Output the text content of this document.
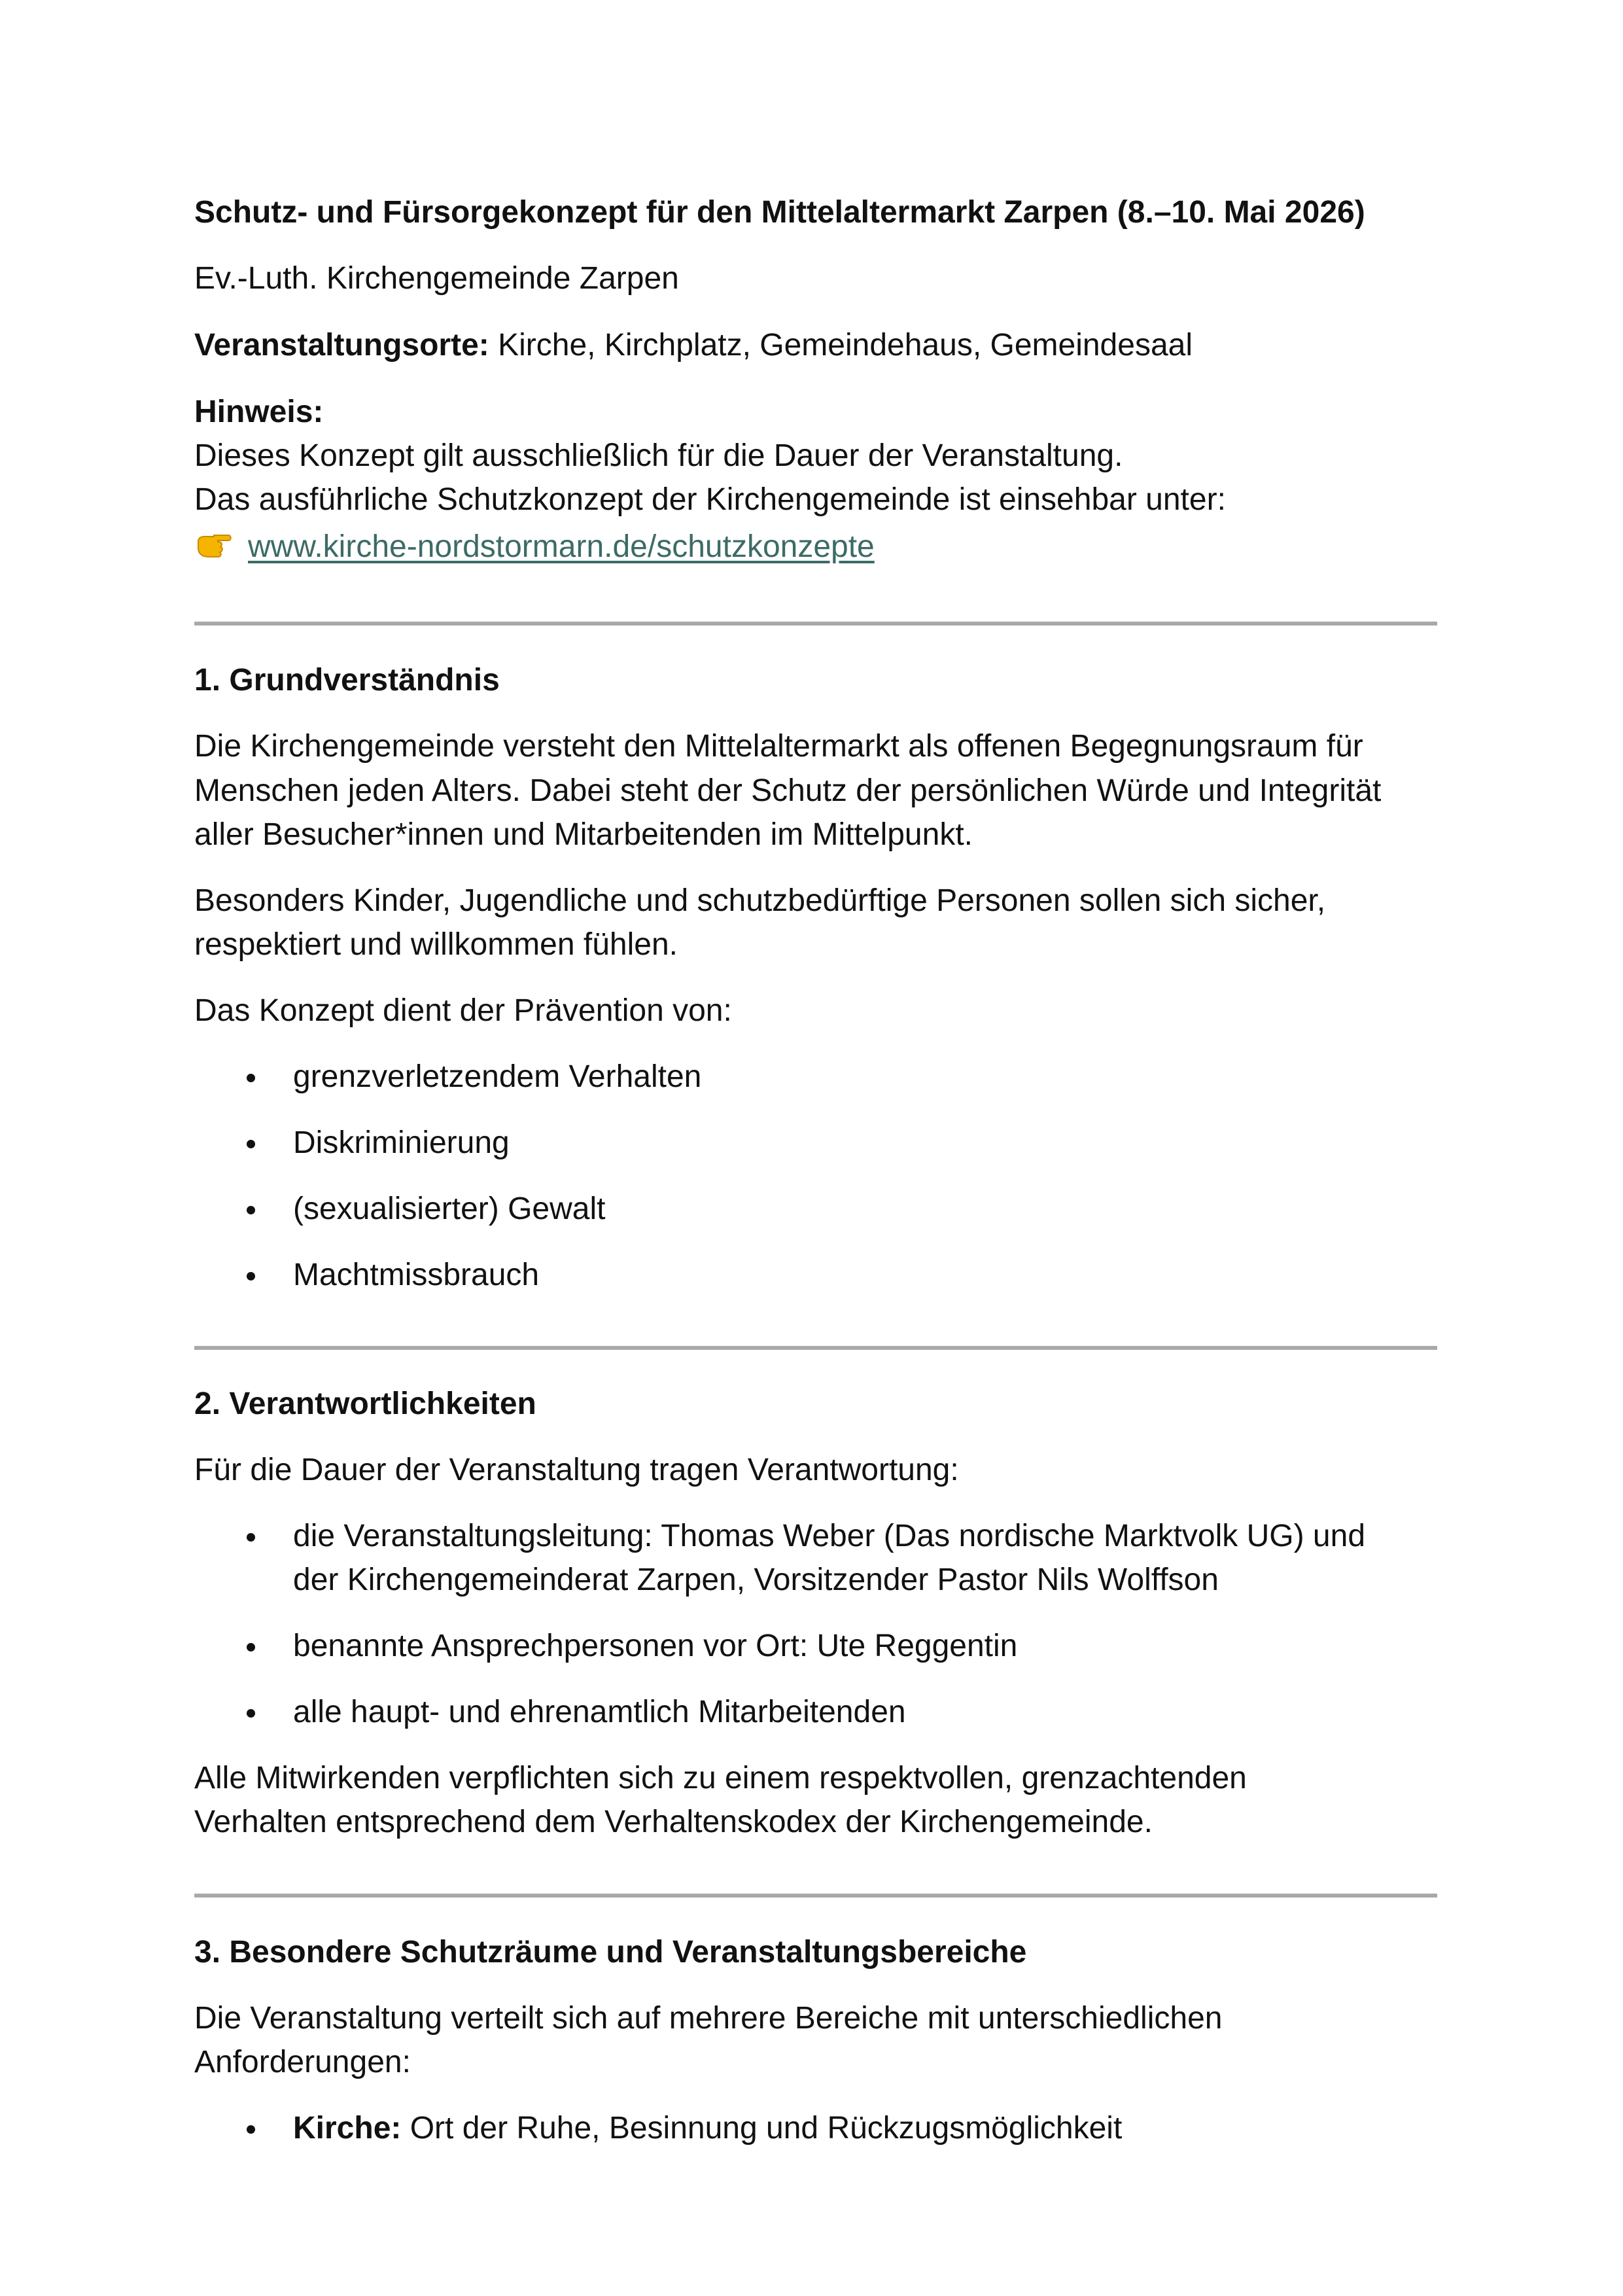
Schutz- und Fürsorgekonzept für den Mittelaltermarkt Zarpen (8.–10. Mai 2026)
Ev.-Luth. Kirchengemeinde Zarpen
Veranstaltungsorte: Kirche, Kirchplatz, Gemeindehaus, Gemeindesaal
Hinweis:
Dieses Konzept gilt ausschließlich für die Dauer der Veranstaltung.
Das ausführliche Schutzkonzept der Kirchengemeinde ist einsehbar unter:
www.kirche-nordstormarn.de/schutzkonzepte
1. Grundverständnis
Die Kirchengemeinde versteht den Mittelaltermarkt als offenen Begegnungsraum für
Menschen jeden Alters. Dabei steht der Schutz der persönlichen Würde und Integrität
aller Besucher*innen und Mitarbeitenden im Mittelpunkt.
Besonders Kinder, Jugendliche und schutzbedürftige Personen sollen sich sicher,
respektiert und willkommen fühlen.
Das Konzept dient der Prävention von:
grenzverletzendem Verhalten
Diskriminierung
(sexualisierter) Gewalt
Machtmissbrauch
2. Verantwortlichkeiten
Für die Dauer der Veranstaltung tragen Verantwortung:
die Veranstaltungsleitung: Thomas Weber (Das nordische Marktvolk UG) und
der Kirchengemeinderat Zarpen, Vorsitzender Pastor Nils Wolffson
benannte Ansprechpersonen vor Ort: Ute Reggentin
alle haupt- und ehrenamtlich Mitarbeitenden
Alle Mitwirkenden verpflichten sich zu einem respektvollen, grenzachtenden
Verhalten entsprechend dem Verhaltenskodex der Kirchengemeinde.
3. Besondere Schutzräume und Veranstaltungsbereiche
Die Veranstaltung verteilt sich auf mehrere Bereiche mit unterschiedlichen
Anforderungen:
Kirche: Ort der Ruhe, Besinnung und Rückzugsmöglichkeit
